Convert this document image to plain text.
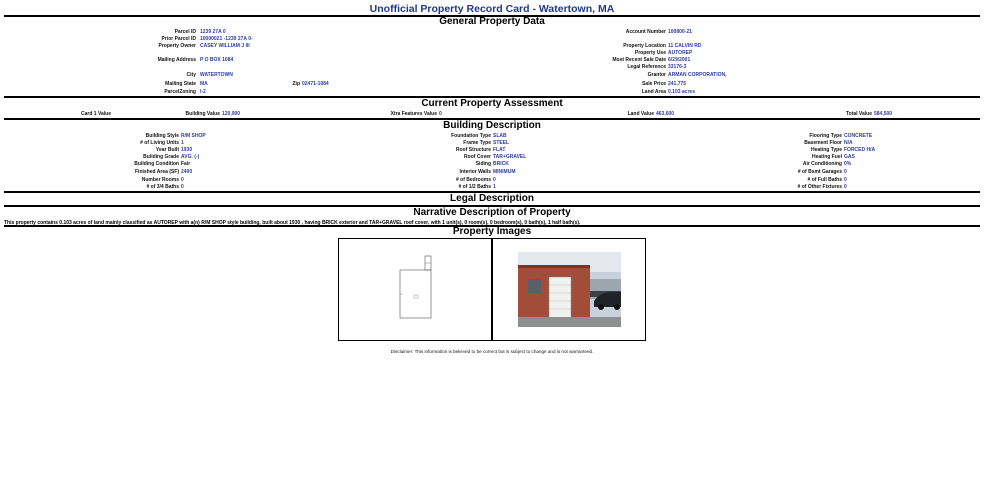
Unofficial Property Record Card - Watertown, MA
General Property Data
Parcel ID 1239 27A 0
Prior Parcel ID 10000021 -1239 27A 0-
Property Owner CASEY WILLIAM J III
Mailing Address P O BOX 1084
City WATERTOWN
Mailing State MA
ParcelZoning I-2
Zip 02471-1084
Account Number 100800-21
Property Location 11 CALVIN RD
Property Use AUTOREP
Most Recent Sale Date 6/29/2001
Legal Reference 33176-3
Grantor ARMAN CORPORATION,
Sale Price 241,775
Land Area 0.103 acres
Current Property Assessment
Card 1 Value	Building Value 120,900	Xtra Features Value 0	Land Value 463,600	Total Value 584,500
Building Description
Building Style R/M SHOP
# of Living Units 1
Year Built 1930
Building Grade AVG. (-)
Building Condition Fair
Finished Area (SF) 2400
Number Rooms 0
# of 3/4 Baths 0
Foundation Type SLAB
Frame Type STEEL
Roof Structure FLAT
Roof Cover TAR+GRAVEL
Siding BRICK
Interior Walls MINIMUM
# of Bedrooms 0
# of 1/2 Baths 1
Flooring Type CONCRETE
Basement Floor N/A
Heating Type FORCED H/A
Heating Fuel GAS
Air Conditioning 0%
# of Bsmt Garages 0
# of Full Baths 0
# of Other Fixtures 0
Legal Description
Narrative Description of Property
This property contains 0.103 acres of land mainly classified as AUTOREP with a(n) R/M SHOP style building, built about 1930 , having BRICK exterior and TAR+GRAVEL roof cover, with 1 unit(s), 0 room(s), 0 bedroom(s), 0 bath(s), 1 half bath(s).
Property Images
Disclaimer: This information is believed to be correct but is subject to change and is not warranteed.
